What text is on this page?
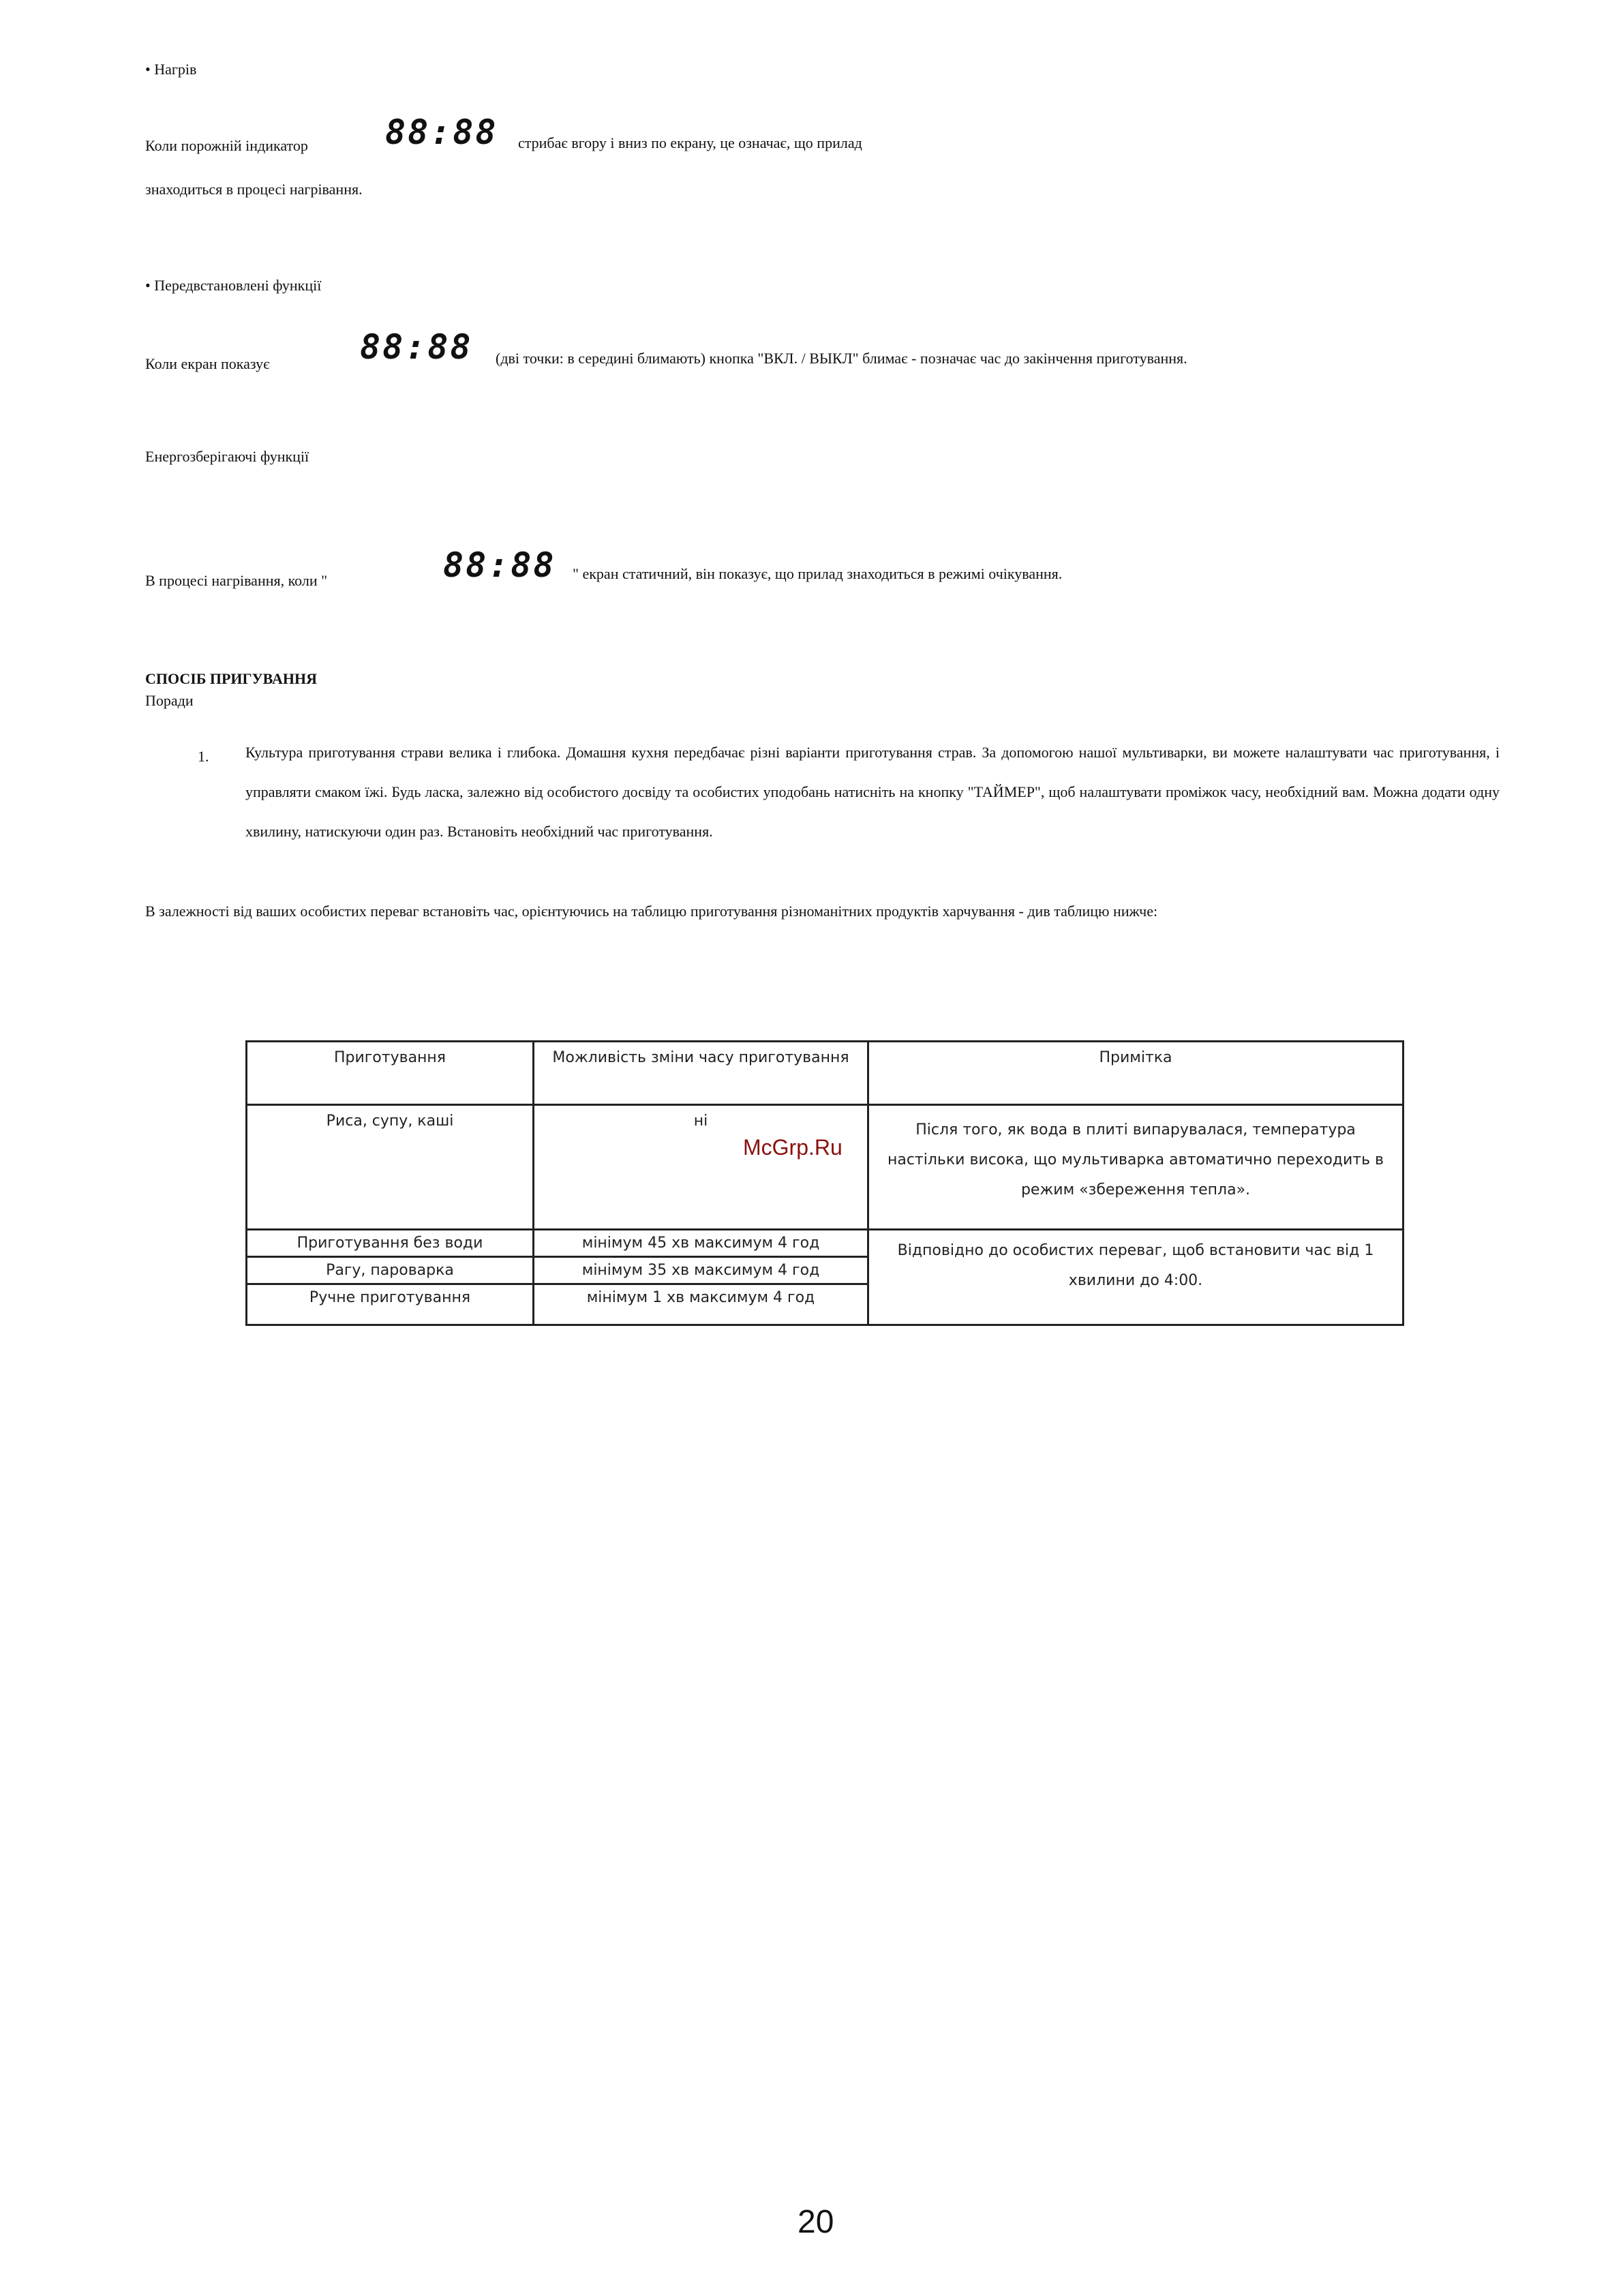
• Нагрів
Коли порожній індикатор 88:88 стрибає вгору і вниз по екрану, це означає, що прилад
знаходиться в процесі нагрівання.
• Передвстановлені функції
Коли екран показує	88:88 (дві точки: в середині блимають) кнопка "ВКЛ. / ВЫКЛ" блимає - позначає час до закінчення приготування.
Енергозберігаючі функції
В процесі нагрівання, коли "	88:88 " екран статичний, він показує, що прилад знаходиться в режимі очікування.
СПОСІБ ПРИГУВАННЯ
Поради
1. Культура приготування страви велика і глибока. Домашня кухня передбачає різні варіанти приготування страв. За допомогою нашої мультиварки, ви можете налаштувати час приготування, і управляти смаком їжі. Будь ласка, залежно від особистого досвіду та особистих уподобань натисніть на кнопку "ТАЙМЕР", щоб налаштувати проміжок часу, необхідний вам. Можна додати одну хвилину, натискуючи один раз. Встановіть необхідний час приготування.
В залежності від ваших особистих переваг встановіть час, орієнтуючись на таблицю приготування різноманітних продуктів харчування - див таблицю нижче:
McGrp.Ru
Приготування	Можливість зміни часу приготування	Примітка
Риса, супу, каші	ні	Після того, як вода в плиті випарувалася, температура настільки висока, що мультиварка автоматично переходить в режим «збереження тепла».
Приготування без води	мінімум 45 хв максимум 4 год	Відповідно до особистих переваг, щоб встановити час від 1 хвилини до 4:00.
Рагу, пароварка	мінімум 35 хв максимум 4 год	
Ручне приготування	мінімум 1 хв максимум 4 год	
20
